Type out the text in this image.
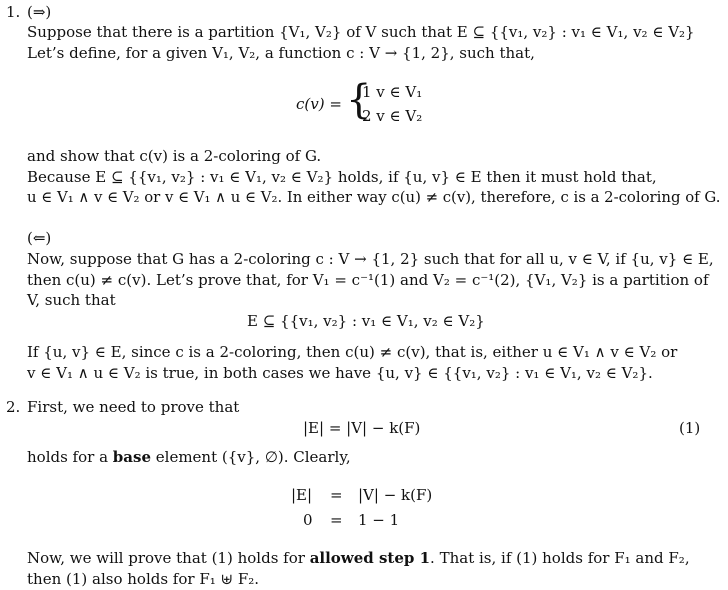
1. (⇒)
Suppose that there is a partition {V₁, V₂} of V such that E ⊆ {{v₁, v₂} : v₁ ∈ V₁, v₂ ∈ V₂}
Let’s define, for a given V₁, V₂, a function c : V → {1, 2}, such that,
c(v) = {
1 v ∈ V₁
2 v ∈ V₂
and show that c(v) is a 2-coloring of G.
Because E ⊆ {{v₁, v₂} : v₁ ∈ V₁, v₂ ∈ V₂} holds, if {u, v} ∈ E then it must hold that,
u ∈ V₁ ∧ v ∈ V₂ or v ∈ V₁ ∧ u ∈ V₂. In either way c(u) ≠ c(v), therefore, c is a 2-coloring of G.
(⇐)
Now, suppose that G has a 2-coloring c : V → {1, 2} such that for all u, v ∈ V, if {u, v} ∈ E,
then c(u) ≠ c(v). Let’s prove that, for V₁ = c⁻¹(1) and V₂ = c⁻¹(2), {V₁, V₂} is a partition of
V, such that
E ⊆ {{v₁, v₂} : v₁ ∈ V₁, v₂ ∈ V₂}
If {u, v} ∈ E, since c is a 2-coloring, then c(u) ≠ c(v), that is, either u ∈ V₁ ∧ v ∈ V₂ or
v ∈ V₁ ∧ u ∈ V₂ is true, in both cases we have {u, v} ∈ {{v₁, v₂} : v₁ ∈ V₁, v₂ ∈ V₂}.
2. First, we need to prove that
|E| = |V| − k(F)	(1)
holds for a base element ({v}, ∅). Clearly,
|E| = |V| − k(F)
0 = 1 − 1
Now, we will prove that (1) holds for allowed step 1. That is, if (1) holds for F₁ and F₂,
then (1) also holds for F₁ ⊎ F₂.
